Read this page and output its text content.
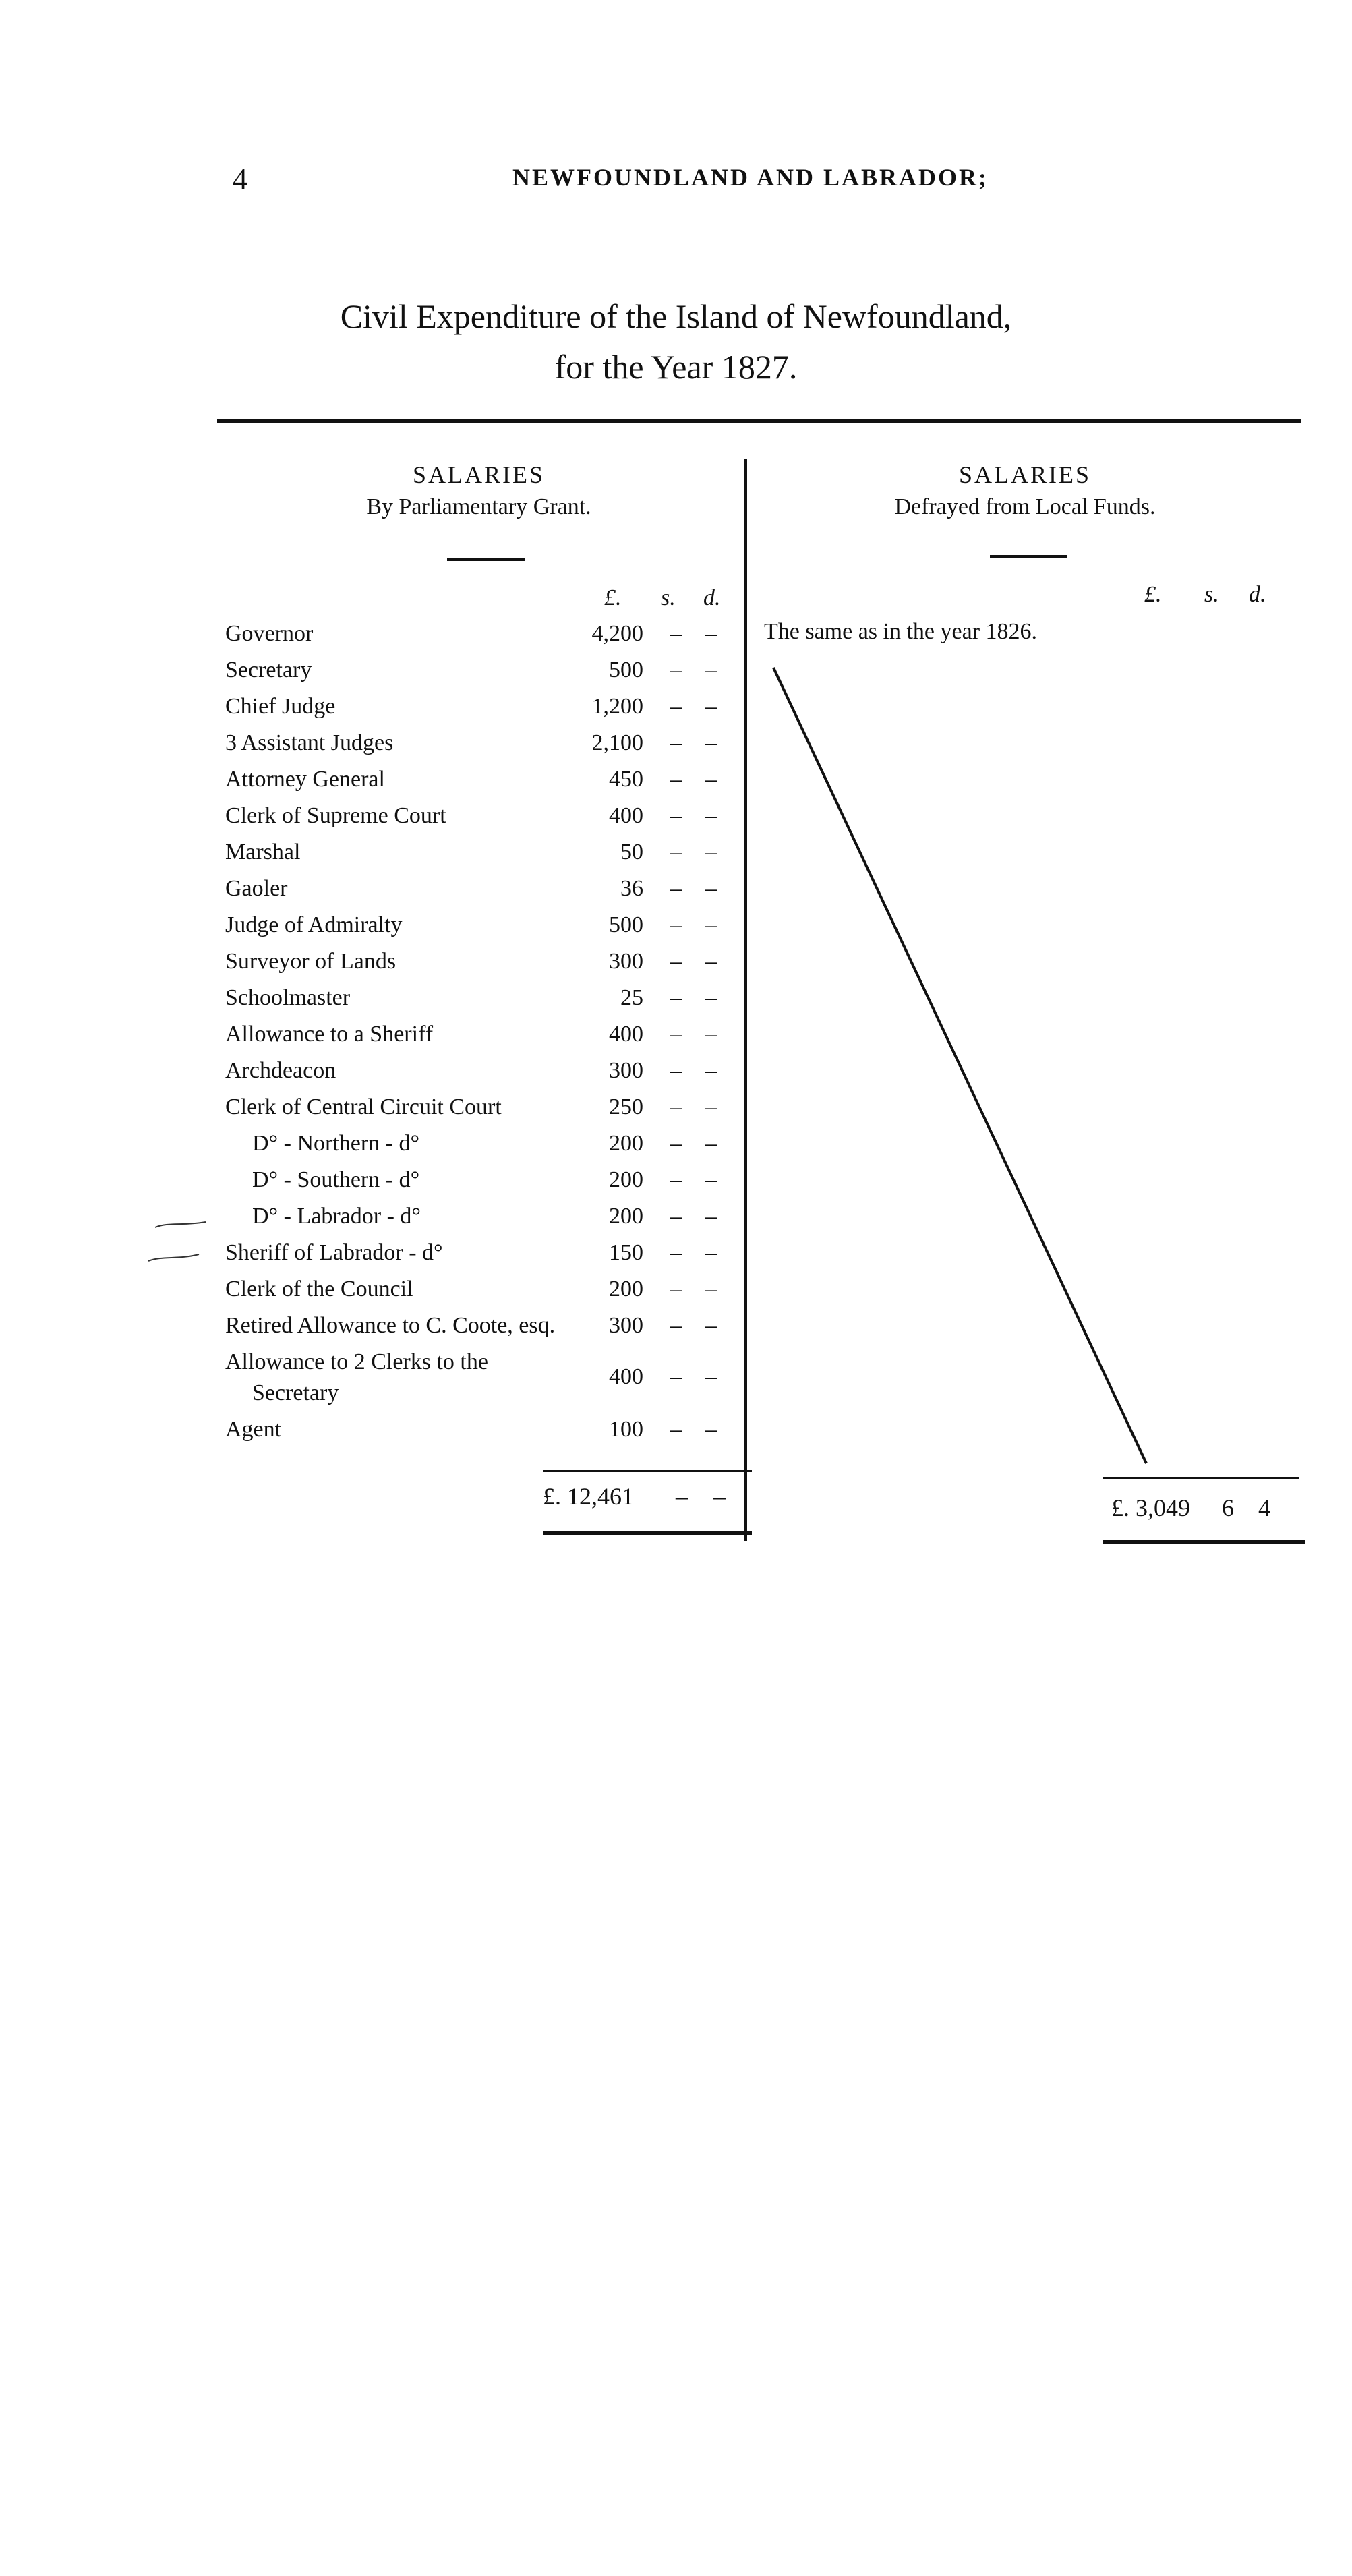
4	NEWFOUNDLAND AND LABRADOR;
Civil Expenditure of the Island of Newfoundland,
for the Year 1827.
SALARIES
By Parliamentary Grant.
SALARIES
Defrayed from Local Funds.
£. s. d.	£. s. d.
Governor	4,200 – –
Secretary	500 – –
Chief Judge	1,200 – –
3 Assistant Judges	2,100 – –
Attorney General	450 – –
Clerk of Supreme Court	400 – –
Marshal	50 – –
Gaoler	36 – –
Judge of Admiralty	500 – –
Surveyor of Lands	300 – –
Schoolmaster	25 – –
Allowance to a Sheriff	400 – –
Archdeacon	300 – –
Clerk of Central Circuit Court	250 – –
D° - Northern - d°	200 – –
D° - Southern - d°	200 – –
D° - Labrador - d°	200 – –
Sheriff of Labrador - d°	150 – –
Clerk of the Council	200 – –
Retired Allowance to C. Coote, esq. 300 – –
Allowance to 2 Clerks to the
Secretary
400 – –
Agent	100 – –
The same as in the year 1826.
£. 12,461 – –	£. 3,049 6 4
